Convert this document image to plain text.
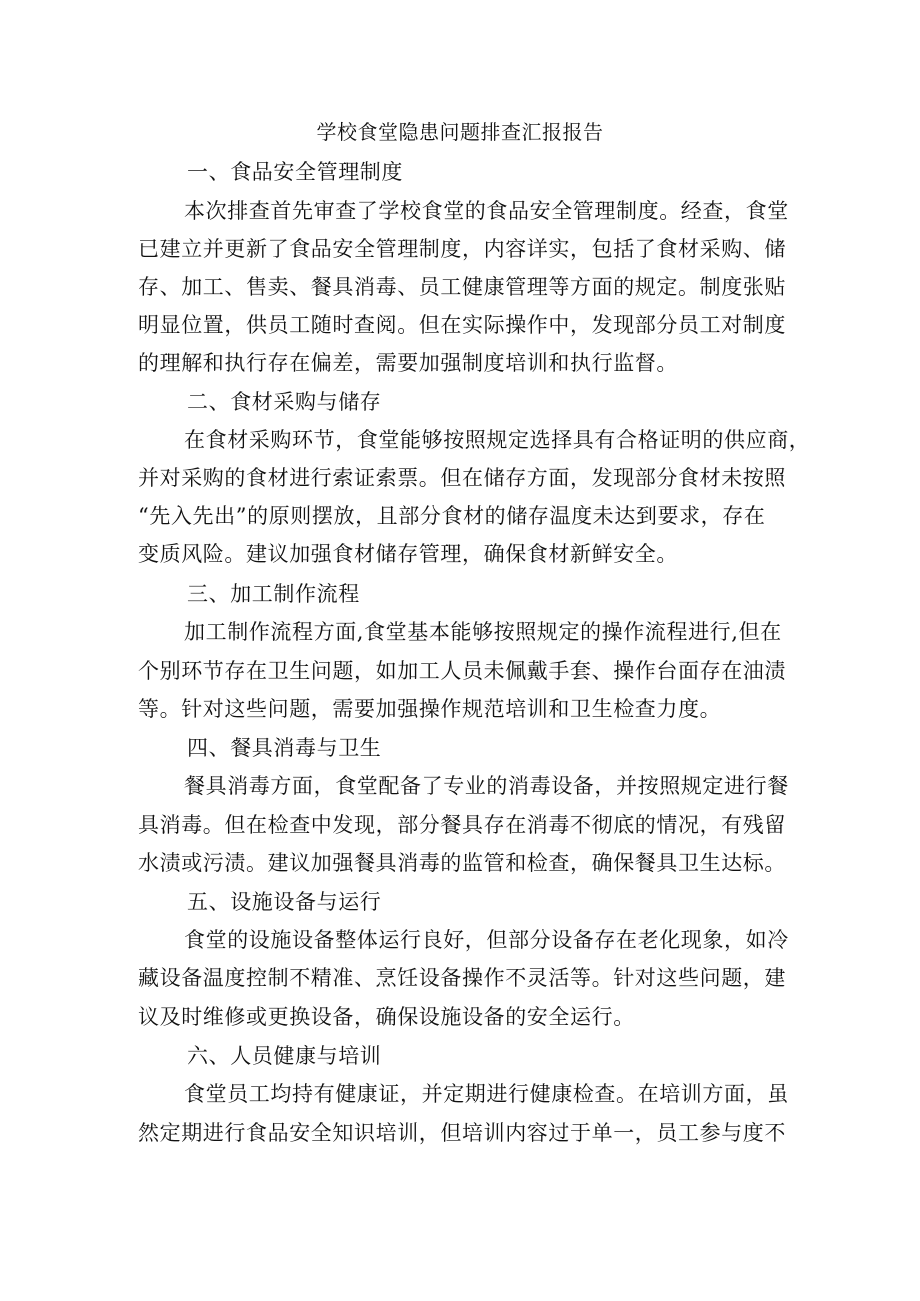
学校食堂隐患问题排查汇报报告
一、食品安全管理制度
本次排查首先审查了学校食堂的食品安全管理制度。经查，食堂
已建立并更新了食品安全管理制度，内容详实，包括了食材采购、储
存、加工、售卖、餐具消毒、员工健康管理等方面的规定。制度张贴
明显位置，供员工随时查阅。但在实际操作中，发现部分员工对制度
的理解和执行存在偏差，需要加强制度培训和执行监督。
二、食材采购与储存
在食材采购环节，食堂能够按照规定选择具有合格证明的供应商，
并对采购的食材进行索证索票。但在储存方面，发现部分食材未按照
“先入先出”的原则摆放，且部分食材的储存温度未达到要求，存在
变质风险。建议加强食材储存管理，确保食材新鲜安全。
三、加工制作流程
加工制作流程方面,食堂基本能够按照规定的操作流程进行,但在
个别环节存在卫生问题，如加工人员未佩戴手套、操作台面存在油渍
等。针对这些问题，需要加强操作规范培训和卫生检查力度。
四、餐具消毒与卫生
餐具消毒方面，食堂配备了专业的消毒设备，并按照规定进行餐
具消毒。但在检查中发现，部分餐具存在消毒不彻底的情况，有残留
水渍或污渍。建议加强餐具消毒的监管和检查，确保餐具卫生达标。
五、设施设备与运行
食堂的设施设备整体运行良好，但部分设备存在老化现象，如冷
藏设备温度控制不精准、烹饪设备操作不灵活等。针对这些问题，建
议及时维修或更换设备，确保设施设备的安全运行。
六、人员健康与培训
食堂员工均持有健康证，并定期进行健康检查。在培训方面，虽
然定期进行食品安全知识培训，但培训内容过于单一，员工参与度不
